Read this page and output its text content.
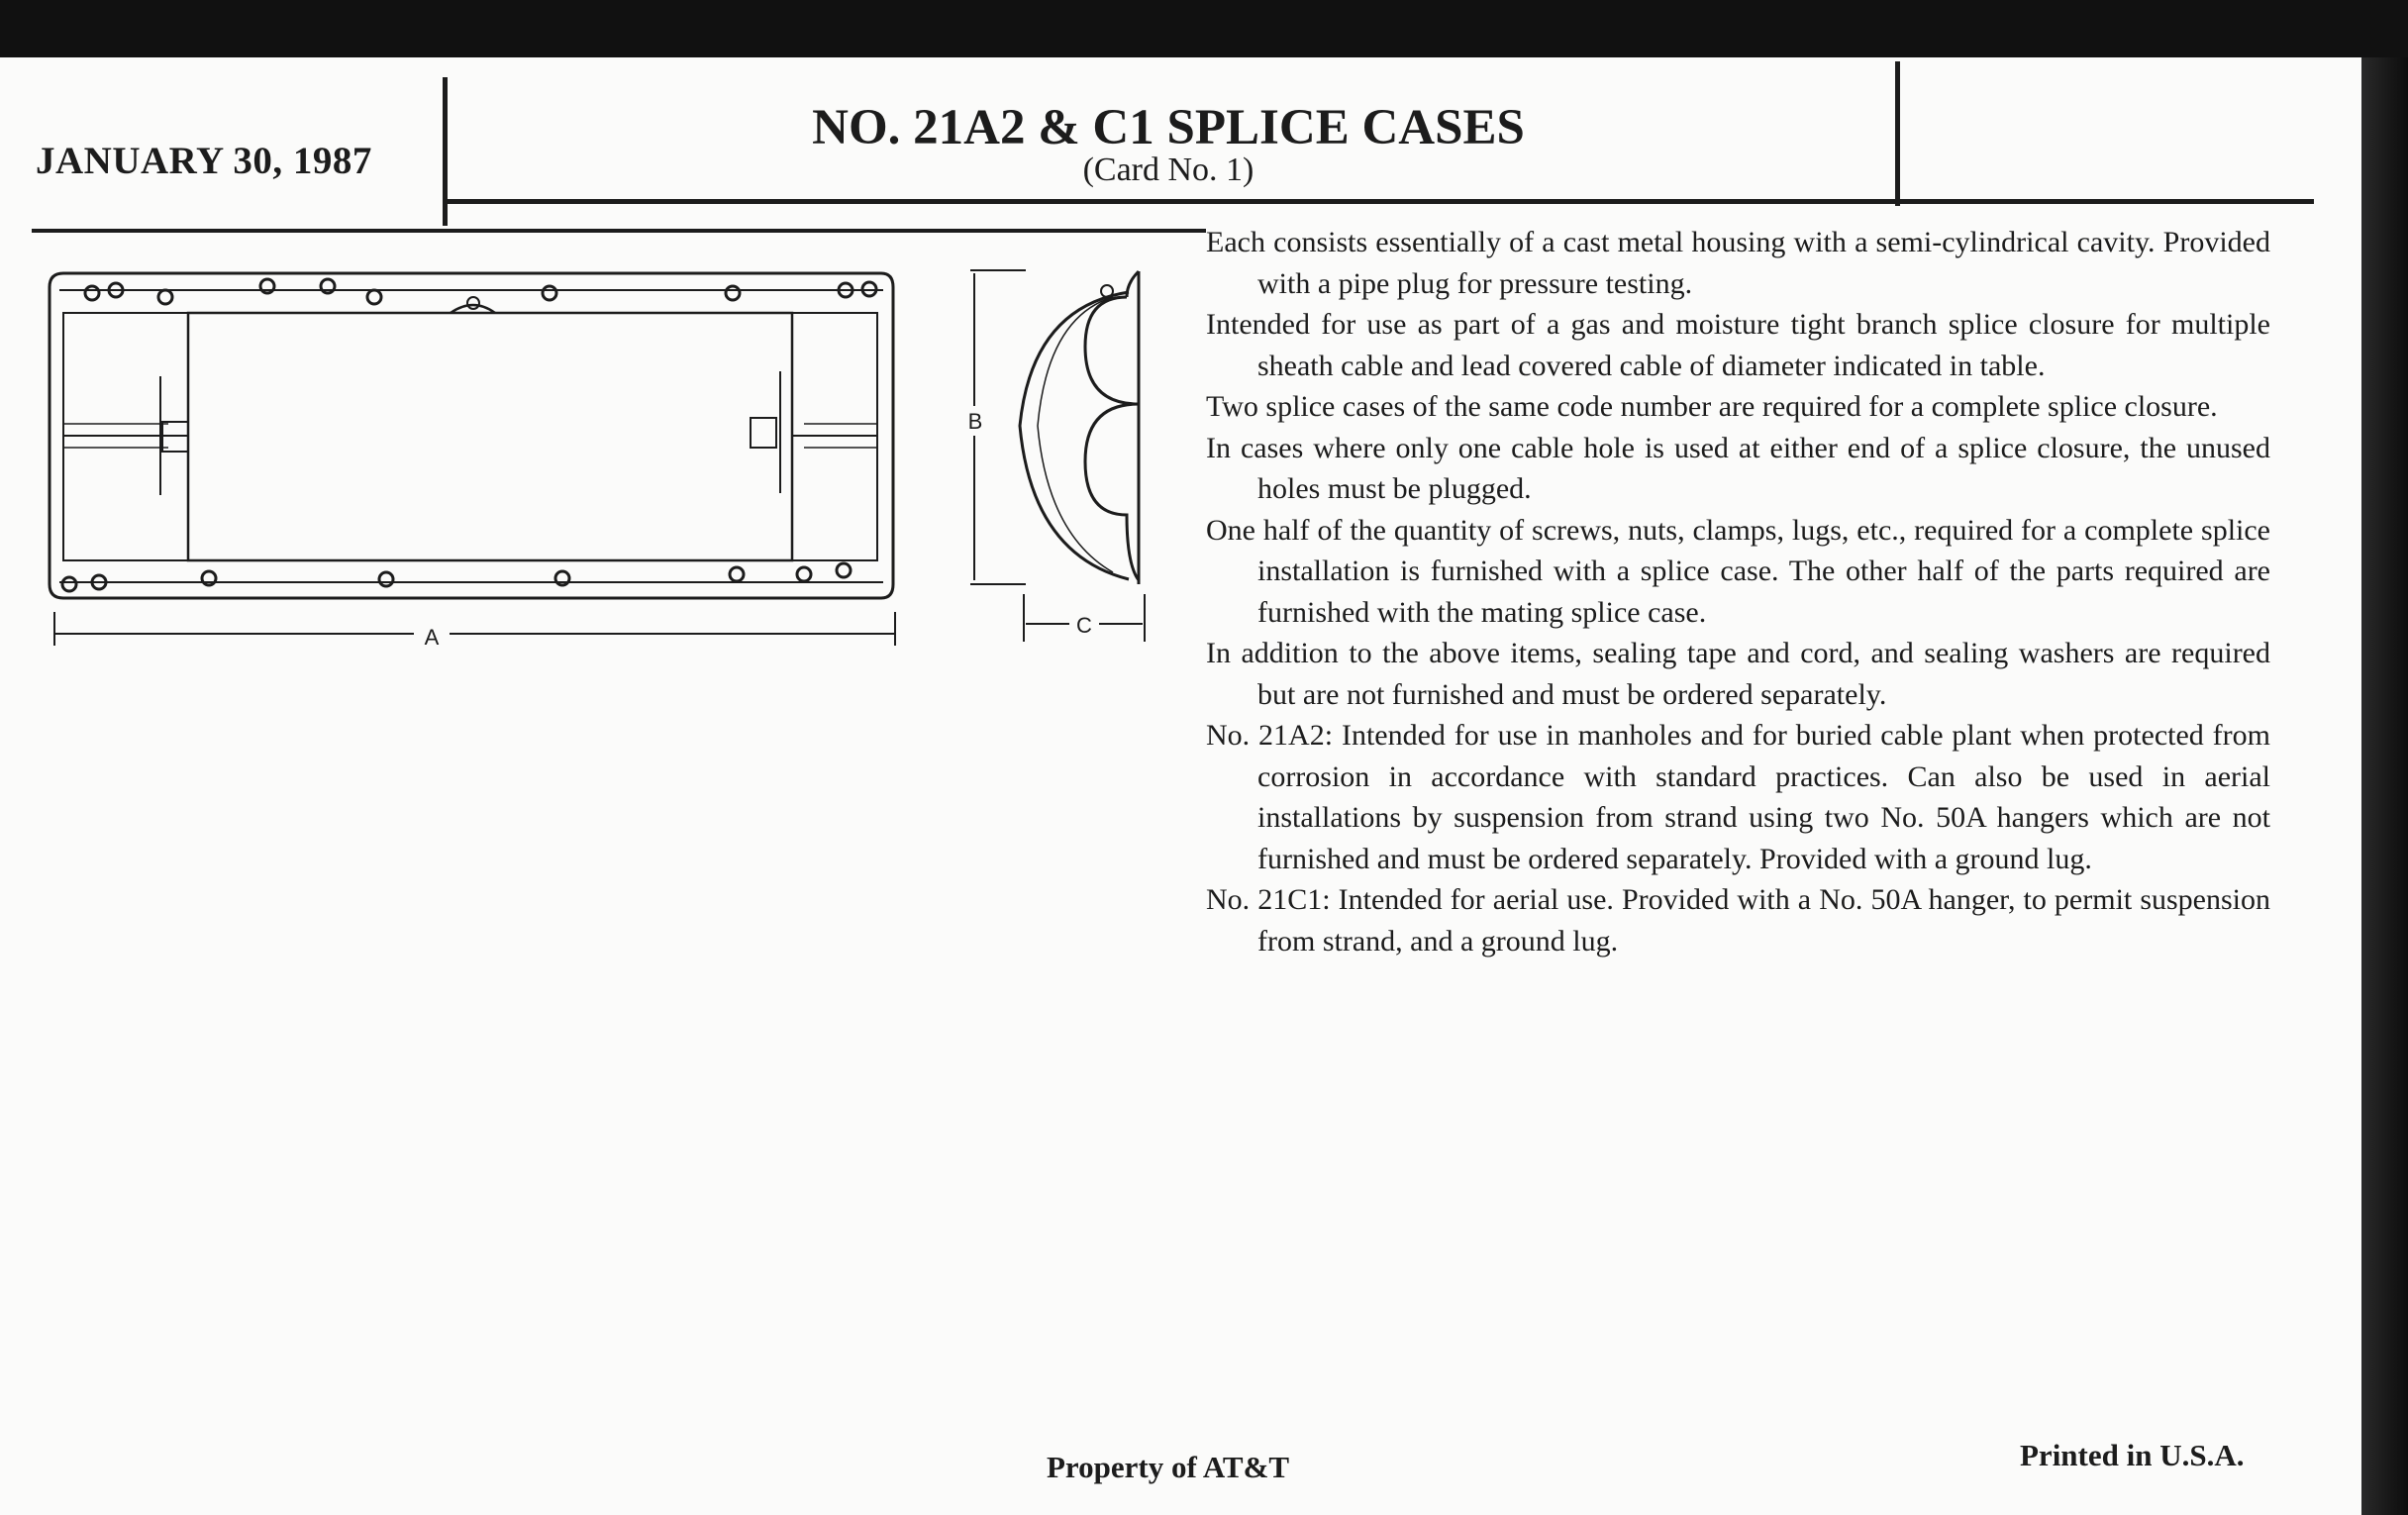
JANUARY 30, 1987
NO. 21A2 & C1 SPLICE CASES
(Card No. 1)
A
B
C

Each consists essentially of a cast metal housing with a semi-cylindrical cavity. Provided with a pipe plug for pressure testing.

Intended for use as part of a gas and moisture tight branch splice closure for multiple sheath cable and lead covered cable of diameter indicated in table.

Two splice cases of the same code number are required for a complete splice closure.

In cases where only one cable hole is used at either end of a splice closure, the unused holes must be plugged.

One half of the quantity of screws, nuts, clamps, lugs, etc., required for a complete splice installation is furnished with a splice case. The other half of the parts required are furnished with the mating splice case.

In addition to the above items, sealing tape and cord, and sealing washers are required but are not furnished and must be ordered separately.

No. 21A2: Intended for use in manholes and for buried cable plant when protected from corrosion in accordance with standard practices. Can also be used in aerial installations by suspension from strand using two No. 50A hangers which are not furnished and must be ordered separately. Provided with a ground lug.

No. 21C1: Intended for aerial use. Provided with a No. 50A hanger, to permit suspension from strand, and a ground lug.

Property of AT&T	Printed in U.S.A.
